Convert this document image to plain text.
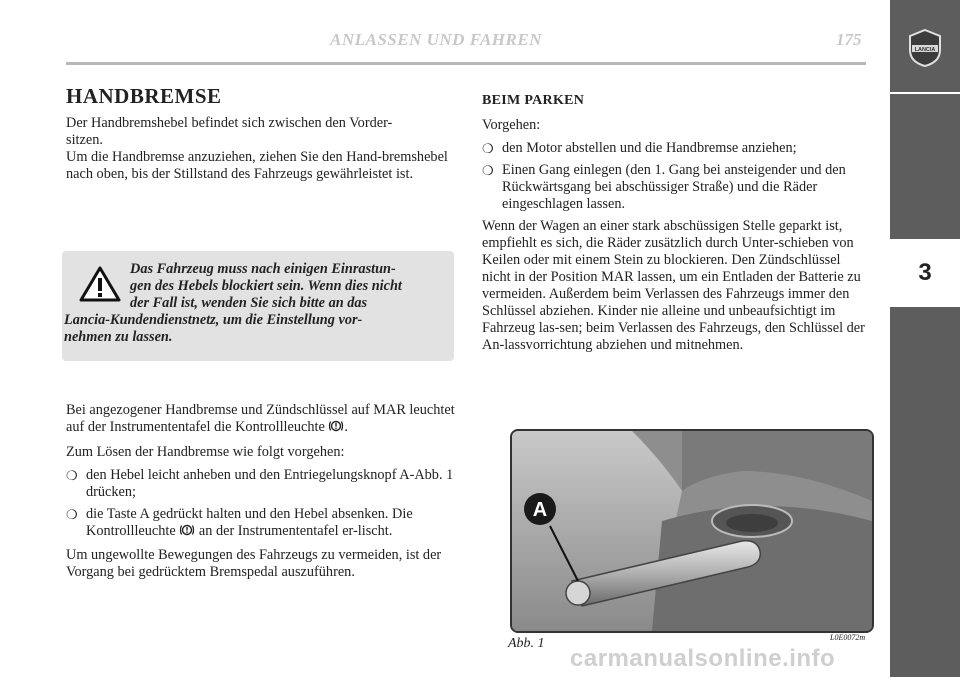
ANLASSEN UND FAHREN	175
3
LANCIA
HANDBREMSE

Der Handbremshebel befindet sich zwischen den Vorder-
sitzen.

Um die Handbremse anzuziehen, ziehen Sie den Hand-bremshebel nach oben, bis der Stillstand des Fahrzeugs gewährleistet ist.

Das Fahrzeug muss nach einigen Einrastun-
gen des Hebels blockiert sein. Wenn dies nicht
der Fall ist, wenden Sie sich bitte an das
Lancia-Kundendienstnetz, um die Einstellung vor-
nehmen zu lassen.

Bei angezogener Handbremse und Zündschlüssel auf MAR leuchtet auf der Instrumententafel die Kontrollleuchte .

Zum Lösen der Handbremse wie folgt vorgehen:

❍ den Hebel leicht anheben und den Entriegelungsknopf A-Abb. 1 drücken;
❍ die Taste A gedrückt halten und den Hebel absenken. Die Kontrollleuchte an der Instrumententafel er-lischt.

Um ungewollte Bewegungen des Fahrzeugs zu vermeiden, ist der Vorgang bei gedrücktem Bremspedal auszuführen.

BEIM PARKEN

Vorgehen:

❍ den Motor abstellen und die Handbremse anziehen;
❍ Einen Gang einlegen (den 1. Gang bei ansteigender und den Rückwärtsgang bei abschüssiger Straße) und die Räder eingeschlagen lassen.

Wenn der Wagen an einer stark abschüssigen Stelle geparkt ist, empfiehlt es sich, die Räder zusätzlich durch Unter-schieben von Keilen oder mit einem Stein zu blockieren. Den Zündschlüssel nicht in der Position MAR lassen, um ein Entladen der Batterie zu vermeiden. Außerdem beim Verlassen des Fahrzeugs immer den Schlüssel abziehen. Kinder nie alleine und unbeaufsichtigt im Fahrzeug las-sen; beim Verlassen des Fahrzeugs, den Schlüssel der An-lassvorrichtung abziehen und mitnehmen.

A
Abb. 1	L0E0072m
carmanualsonline.info
